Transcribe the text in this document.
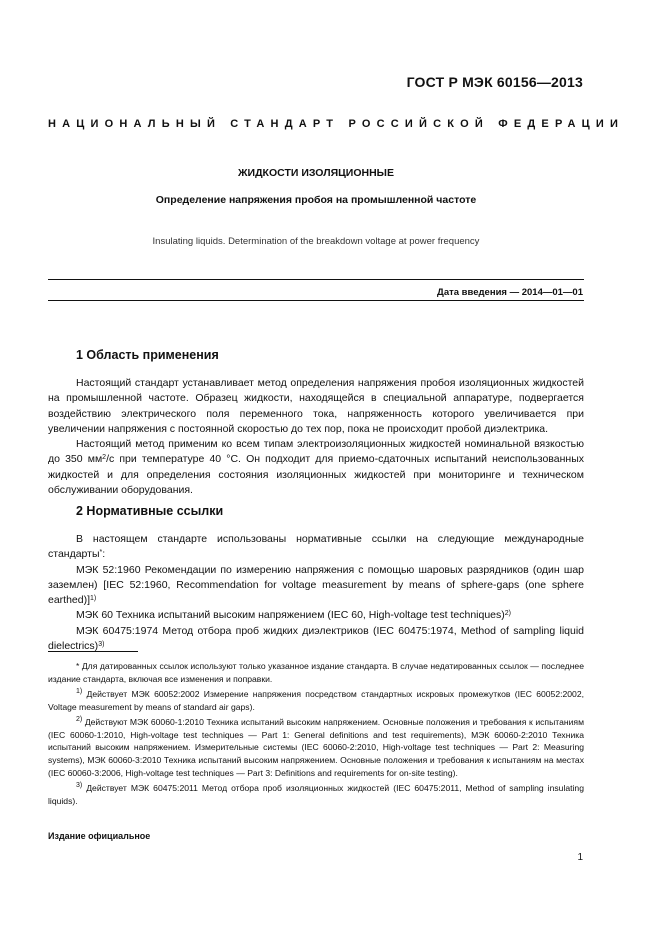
ГОСТ Р МЭК 60156—2013
НАЦИОНАЛЬНЫЙ СТАНДАРТ РОССИЙСКОЙ ФЕДЕРАЦИИ
ЖИДКОСТИ ИЗОЛЯЦИОННЫЕ
Определение напряжения пробоя на промышленной частоте
Insulating liquids. Determination of the breakdown voltage at power frequency
Дата введения — 2014—01—01
1 Область применения

Настоящий стандарт устанавливает метод определения напряжения пробоя изоляционных жидкостей на промышленной частоте. Образец жидкости, находящейся в специальной аппаратуре, подвергается воздействию электрического поля переменного тока, напряженность которого увеличивается при увеличении напряжения с постоянной скоростью до тех пор, пока не происходит пробой диэлектрика.

Настоящий метод применим ко всем типам электроизоляционных жидкостей номинальной вязкостью до 350 $мм^2/с$ при температуре 40 °С. Он подходит для приемо-сдаточных испытаний неиспользованных жидкостей и для определения состояния изоляционных жидкостей при мониторинге и техническом обслуживании оборудования.

2 Нормативные ссылки

В настоящем стандарте использованы нормативные ссылки на следующие международные стандарты*:

МЭК 52:1960 Рекомендации по измерению напряжения с помощью шаровых разрядников (один шар заземлен) [IEC 52:1960, Recommendation for voltage measurement by means of sphere-gaps (one sphere earthed)]$^{1)}$

МЭК 60 Техника испытаний высоким напряжением (IEC 60, High-voltage test techniques)$^{2)}$

МЭК 60475:1974 Метод отбора проб жидких диэлектриков (IEC 60475:1974, Method of sampling liquid dielectrics)$^{3)}$

* Для датированных ссылок используют только указанное издание стандарта. В случае недатированных ссылок — последнее издание стандарта, включая все изменения и поправки.

$^{1)}$ Действует МЭК 60052:2002 Измерение напряжения посредством стандартных искровых промежутков (IEC 60052:2002, Voltage measurement by means of standard air gaps).

$^{2)}$ Действуют МЭК 60060-1:2010 Техника испытаний высоким напряжением. Основные положения и требования к испытаниям (IEC 60060-1:2010, High-voltage test techniques — Part 1: General definitions and test requirements), МЭК 60060-2:2010 Техника испытаний высоким напряжением. Измерительные системы (IEC 60060-2:2010, High-voltage test techniques — Part 2: Measuring systems), МЭК 60060-3:2010 Техника испытаний высоким напряжением. Основные положения и требования к испытаниям на местах (IEC 60060-3:2006, High-voltage test techniques — Part 3: Definitions and requirements for on-site testing).

$^{3)}$ Действует МЭК 60475:2011 Метод отбора проб изоляционных жидкостей (IEC 60475:2011, Method of sampling insulating liquids).

Издание официальное
1
